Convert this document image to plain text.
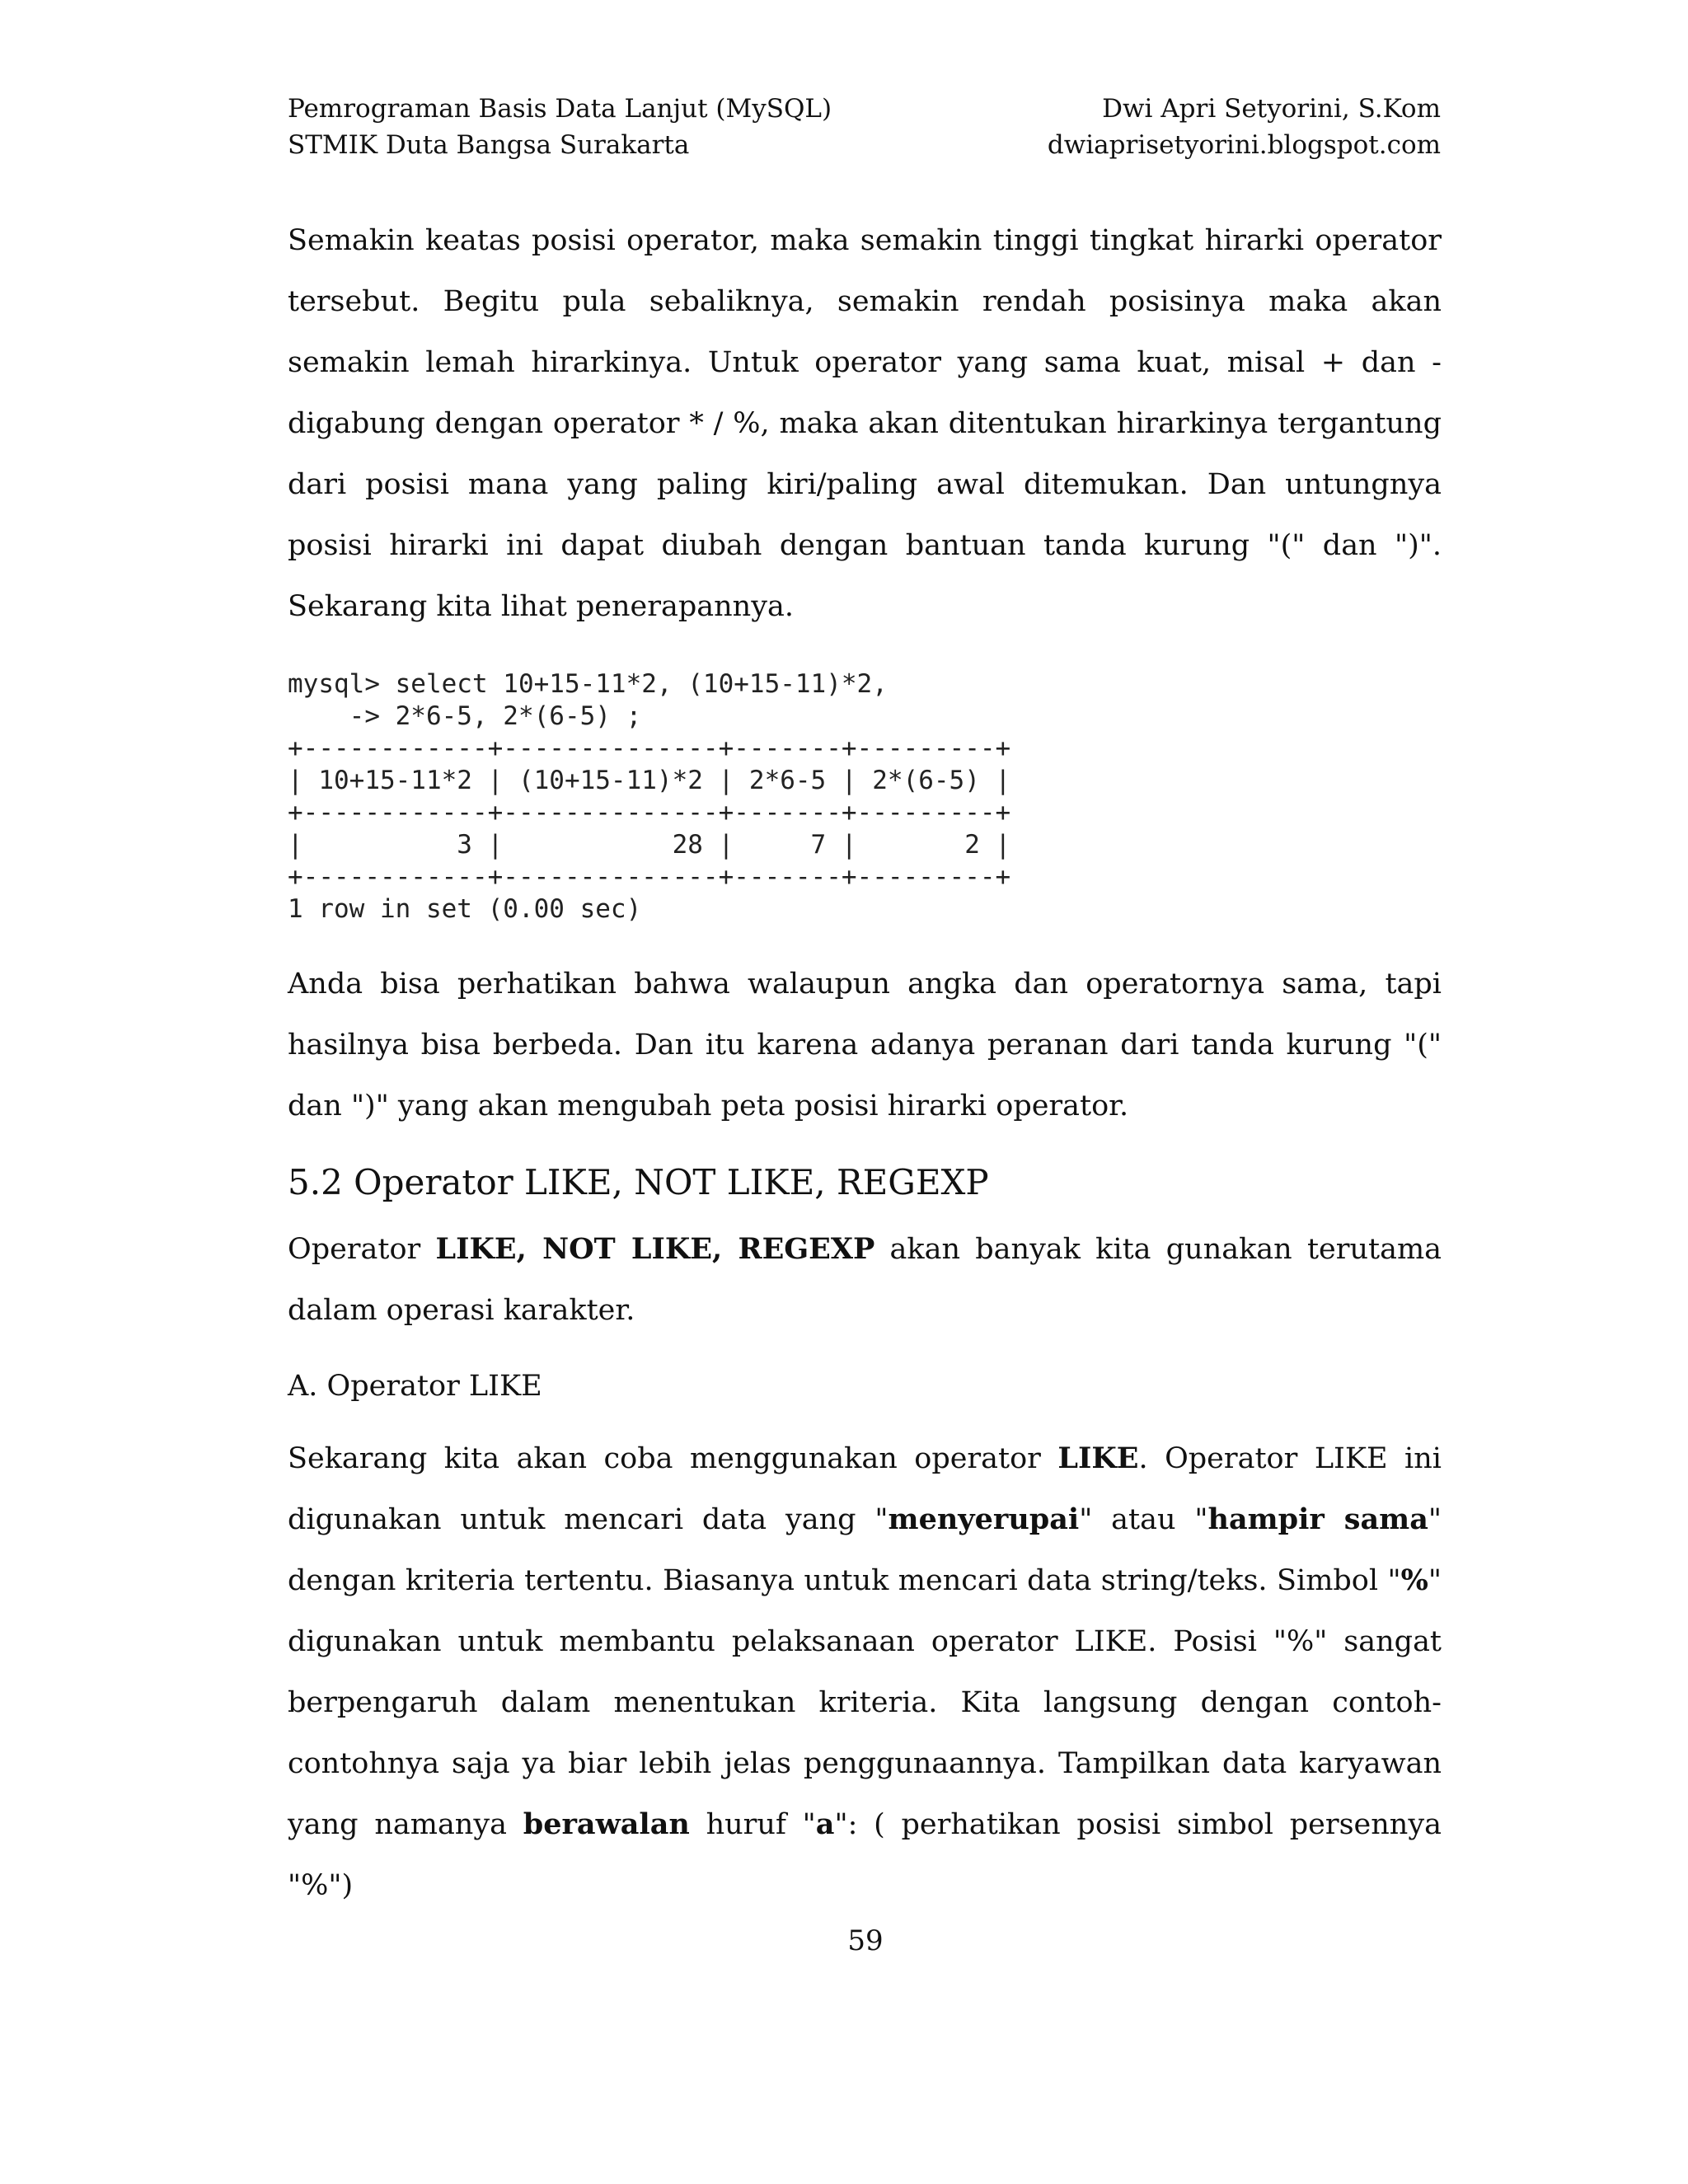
Pemrograman Basis Data Lanjut (MySQL)
STMIK Duta Bangsa Surakarta
Dwi Apri Setyorini, S.Kom
dwiaprisetyorini.blogspot.com

Semakin keatas posisi operator, maka semakin tinggi tingkat hirarki operator tersebut. Begitu pula sebaliknya, semakin rendah posisinya maka akan semakin lemah hirarkinya. Untuk operator yang sama kuat, misal + dan - digabung dengan operator * / %, maka akan ditentukan hirarkinya tergantung dari posisi mana yang paling kiri/paling awal ditemukan. Dan untungnya posisi hirarki ini dapat diubah dengan bantuan tanda kurung "(" dan ")". Sekarang kita lihat penerapannya.

mysql> select 10+15-11*2, (10+15-11)*2,
-> 2*6-5, 2*(6-5) ;
+------------+--------------+-------+---------+
| 10+15-11*2 | (10+15-11)*2 | 2*6-5 | 2*(6-5) |
+------------+--------------+-------+---------+
|          3 |           28 |     7 |       2 |
+------------+--------------+-------+---------+
1 row in set (0.00 sec)

Anda bisa perhatikan bahwa walaupun angka dan operatornya sama, tapi hasilnya bisa berbeda. Dan itu karena adanya peranan dari tanda kurung "(" dan ")" yang akan mengubah peta posisi hirarki operator.

5.2 Operator LIKE, NOT LIKE, REGEXP

Operator LIKE, NOT LIKE, REGEXP akan banyak kita gunakan terutama dalam operasi karakter.

A. Operator LIKE

Sekarang kita akan coba menggunakan operator LIKE. Operator LIKE ini digunakan untuk mencari data yang "menyerupai" atau "hampir sama" dengan kriteria tertentu. Biasanya untuk mencari data string/teks. Simbol "%" digunakan untuk membantu pelaksanaan operator LIKE. Posisi "%" sangat berpengaruh dalam menentukan kriteria. Kita langsung dengan contoh-contohnya saja ya biar lebih jelas penggunaannya. Tampilkan data karyawan yang namanya berawalan huruf "a": ( perhatikan posisi simbol persennya "%")

59
